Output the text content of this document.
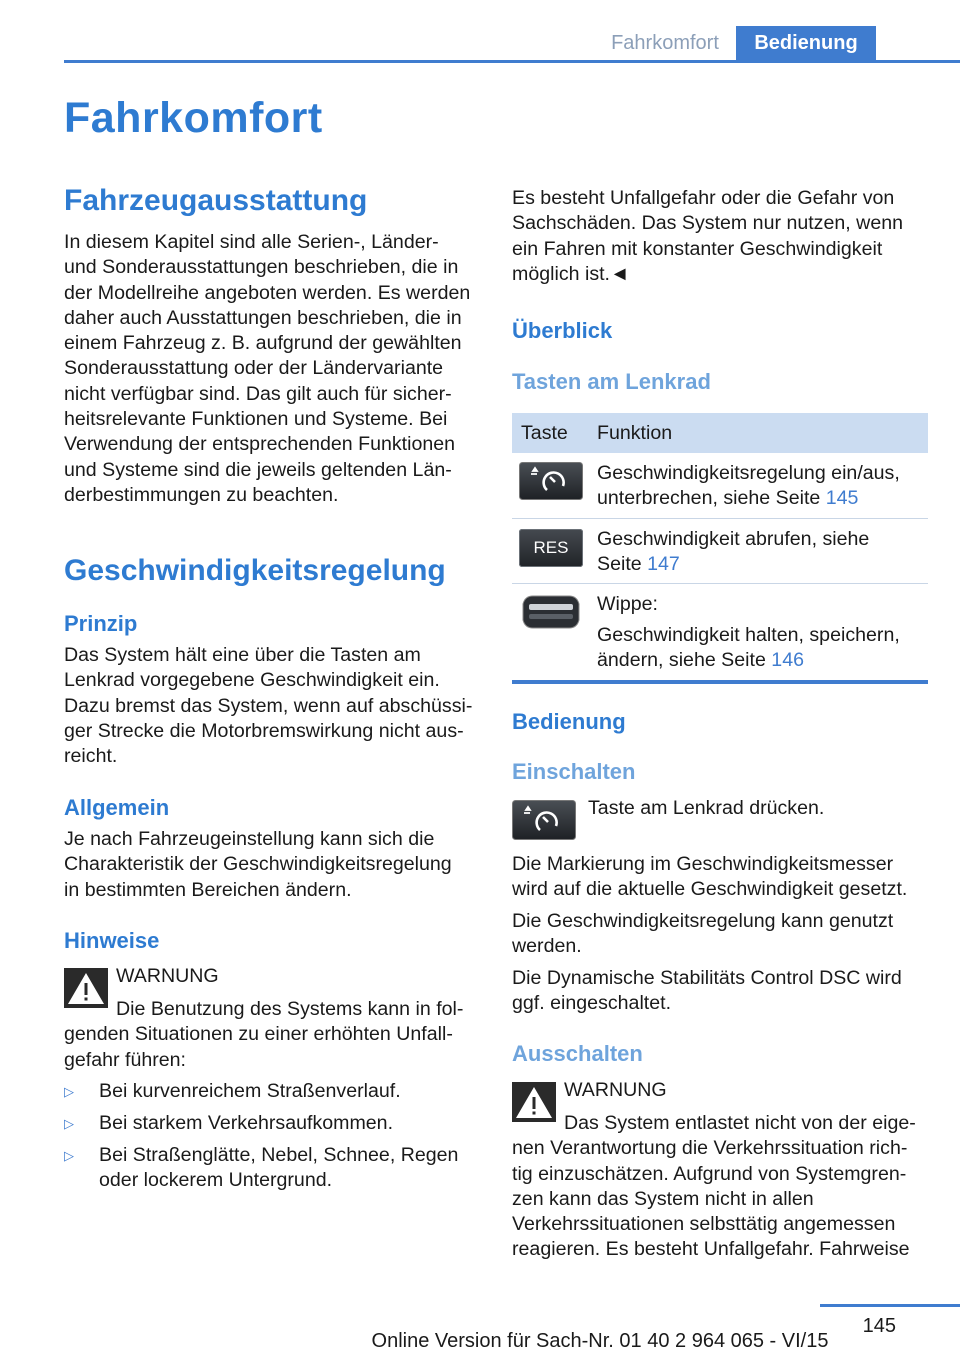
Fahrkomfort	Bedienung
Fahrkomfort
Fahrzeugausstattung
In diesem Kapitel sind alle Serien-, Länder-
und Sonderausstattungen beschrieben, die in
der Modellreihe angeboten werden. Es werden
daher auch Ausstattungen beschrieben, die in
einem Fahrzeug z. B. aufgrund der gewählten
Sonderausstattung oder der Ländervariante
nicht verfügbar sind. Das gilt auch für sicher-
heitsrelevante Funktionen und Systeme. Bei
Verwendung der entsprechenden Funktionen
und Systeme sind die jeweils geltenden Län-
derbestimmungen zu beachten.
Geschwindigkeitsregelung
Prinzip
Das System hält eine über die Tasten am
Lenkrad vorgegebene Geschwindigkeit ein.
Dazu bremst das System, wenn auf abschüssi-
ger Strecke die Motorbremswirkung nicht aus-
reicht.
Allgemein
Je nach Fahrzeugeinstellung kann sich die
Charakteristik der Geschwindigkeitsregelung
in bestimmten Bereichen ändern.
Hinweise
WARNUNG
Die Benutzung des Systems kann in fol-
genden Situationen zu einer erhöhten Unfall-
gefahr führen:
▷ Bei kurvenreichem Straßenverlauf.
▷ Bei starkem Verkehrsaufkommen.
▷ Bei Straßenglätte, Nebel, Schnee, Regen
oder lockerem Untergrund.
Es besteht Unfallgefahr oder die Gefahr von
Sachschäden. Das System nur nutzen, wenn
ein Fahren mit konstanter Geschwindigkeit
möglich ist.◄
Überblick
Tasten am Lenkrad
Taste Funktion
Geschwindigkeitsregelung ein/aus,
unterbrechen, siehe Seite 145
RES	Geschwindigkeit abrufen, siehe
Seite 147
Wippe:
Geschwindigkeit halten, speichern,
ändern, siehe Seite 146
Bedienung
Einschalten
Taste am Lenkrad drücken.
Die Markierung im Geschwindigkeitsmesser
wird auf die aktuelle Geschwindigkeit gesetzt.
Die Geschwindigkeitsregelung kann genutzt
werden.
Die Dynamische Stabilitäts Control DSC wird
ggf. eingeschaltet.
Ausschalten
WARNUNG
Das System entlastet nicht von der eige-
nen Verantwortung die Verkehrssituation rich-
tig einzuschätzen. Aufgrund von Systemgren-
zen kann das System nicht in allen
Verkehrssituationen selbsttätig angemessen
reagieren. Es besteht Unfallgefahr. Fahrweise
145
Online Version für Sach-Nr. 01 40 2 964 065 - VI/15
